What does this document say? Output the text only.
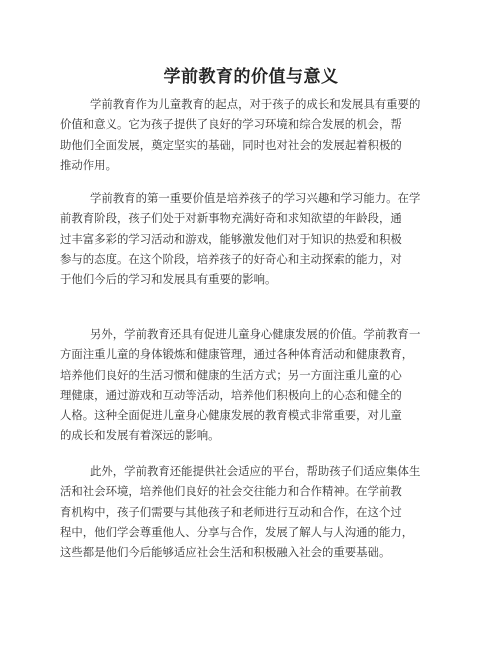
学前教育的价值与意义

学前教育作为儿童教育的起点，对于孩子的成长和发展具有重要的
价值和意义。它为孩子提供了良好的学习环境和综合发展的机会，帮
助他们全面发展，奠定坚实的基础，同时也对社会的发展起着积极的
推动作用。

学前教育的第一重要价值是培养孩子的学习兴趣和学习能力。在学
前教育阶段，孩子们处于对新事物充满好奇和求知欲望的年龄段，通
过丰富多彩的学习活动和游戏，能够激发他们对于知识的热爱和积极
参与的态度。在这个阶段，培养孩子的好奇心和主动探索的能力，对
于他们今后的学习和发展具有重要的影响。

另外，学前教育还具有促进儿童身心健康发展的价值。学前教育一
方面注重儿童的身体锻炼和健康管理，通过各种体育活动和健康教育，
培养他们良好的生活习惯和健康的生活方式；另一方面注重儿童的心
理健康，通过游戏和互动等活动，培养他们积极向上的心态和健全的
人格。这种全面促进儿童身心健康发展的教育模式非常重要，对儿童
的成长和发展有着深远的影响。

此外，学前教育还能提供社会适应的平台，帮助孩子们适应集体生
活和社会环境，培养他们良好的社会交往能力和合作精神。在学前教
育机构中，孩子们需要与其他孩子和老师进行互动和合作，在这个过
程中，他们学会尊重他人、分享与合作，发展了解人与人沟通的能力，
这些都是他们今后能够适应社会生活和积极融入社会的重要基础。
